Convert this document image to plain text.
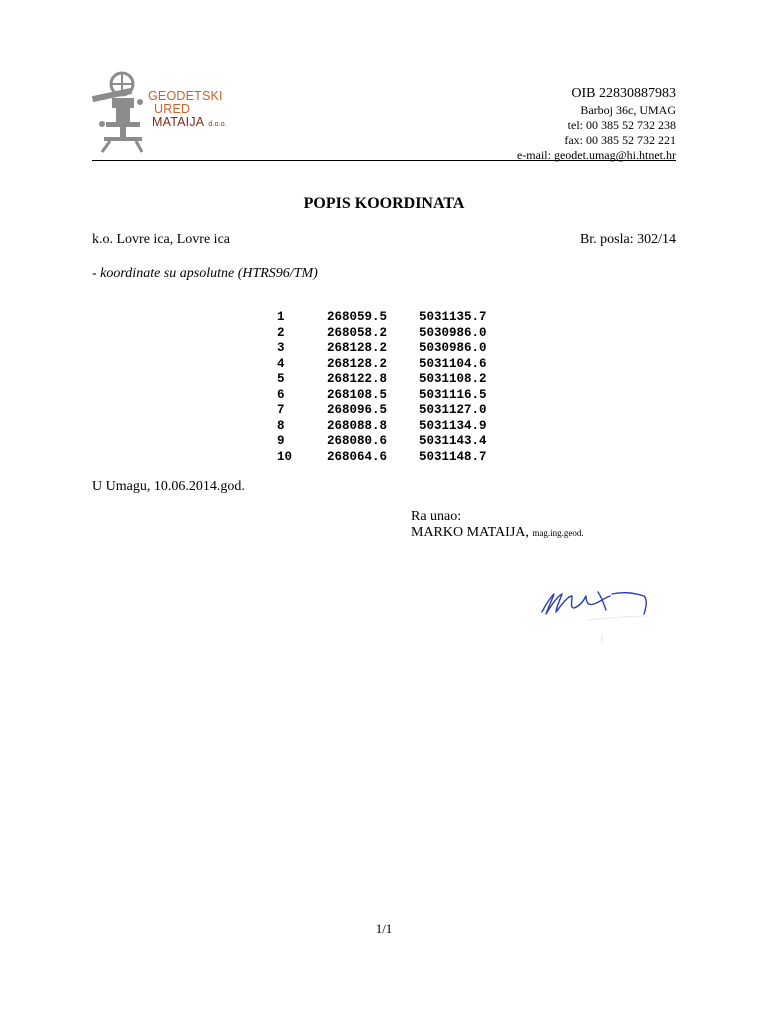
GEODETSKI
URED
MATAIJA d.o.o.
OIB 22830887983
Barboj 36c, UMAG
tel: 00 385 52 732 238
fax: 00 385 52 732 221
e-mail: geodet.umag@hi.htnet.hr
POPIS KOORDINATA
k.o. Lovre ica, Lovre ica	Br. posla: 302/14
- koordinate su apsolutne (HTRS96/TM)
1	268059.5	5031135.7
2	268058.2	5030986.0
3	268128.2	5030986.0
4	268128.2	5031104.6
5	268122.8	5031108.2
6	268108.5	5031116.5
7	268096.5	5031127.0
8	268088.8	5031134.9
9	268080.6	5031143.4
10	268064.6	5031148.7
U Umagu, 10.06.2014.god.
Ra unao:
MARKO MATAIJA, mag.ing.geod.
1/1
